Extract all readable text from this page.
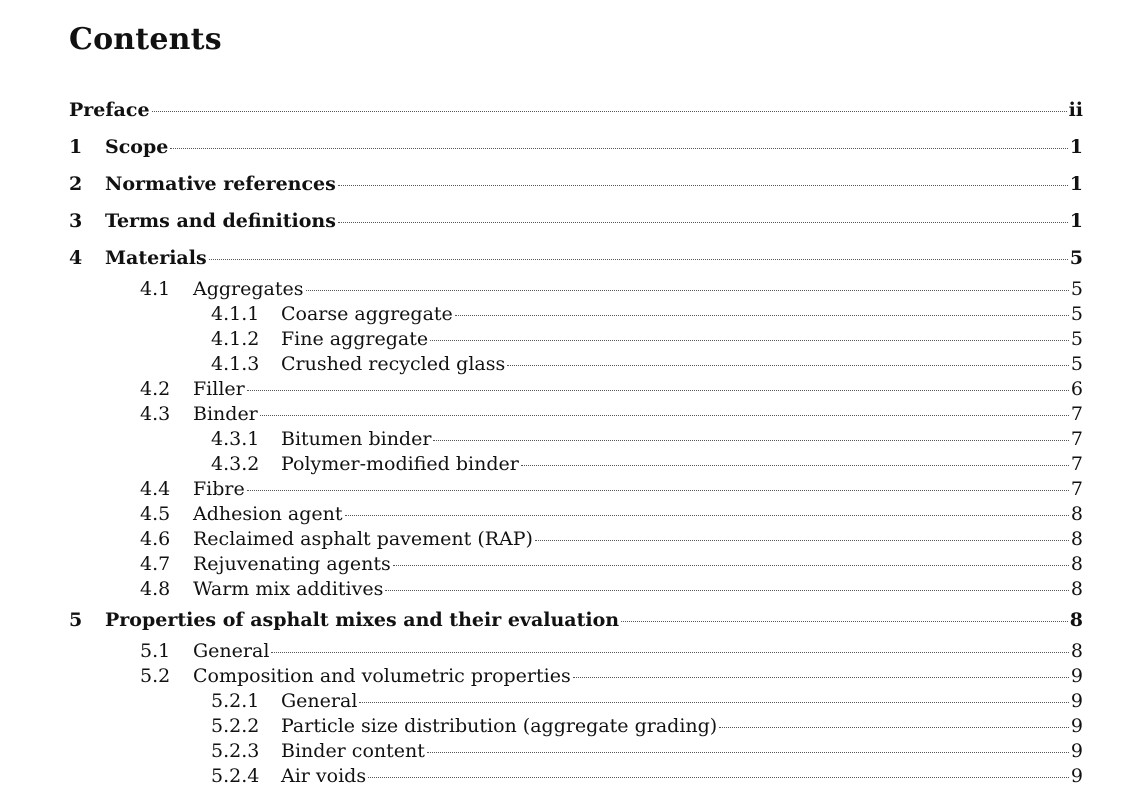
Contents
Preface	ii
1	Scope	1
2	Normative references	1
3	Terms and definitions	1
4	Materials	5
4.1	Aggregates	5
4.1.1	Coarse aggregate	5
4.1.2	Fine aggregate	5
4.1.3	Crushed recycled glass	5
4.2	Filler	6
4.3	Binder	7
4.3.1	Bitumen binder	7
4.3.2	Polymer-modified binder	7
4.4	Fibre	7
4.5	Adhesion agent	8
4.6	Reclaimed asphalt pavement (RAP)	8
4.7	Rejuvenating agents	8
4.8	Warm mix additives	8
5	Properties of asphalt mixes and their evaluation	8
5.1	General	8
5.2	Composition and volumetric properties	9
5.2.1	General	9
5.2.2	Particle size distribution (aggregate grading)	9
5.2.3	Binder content	9
5.2.4	Air voids	9
